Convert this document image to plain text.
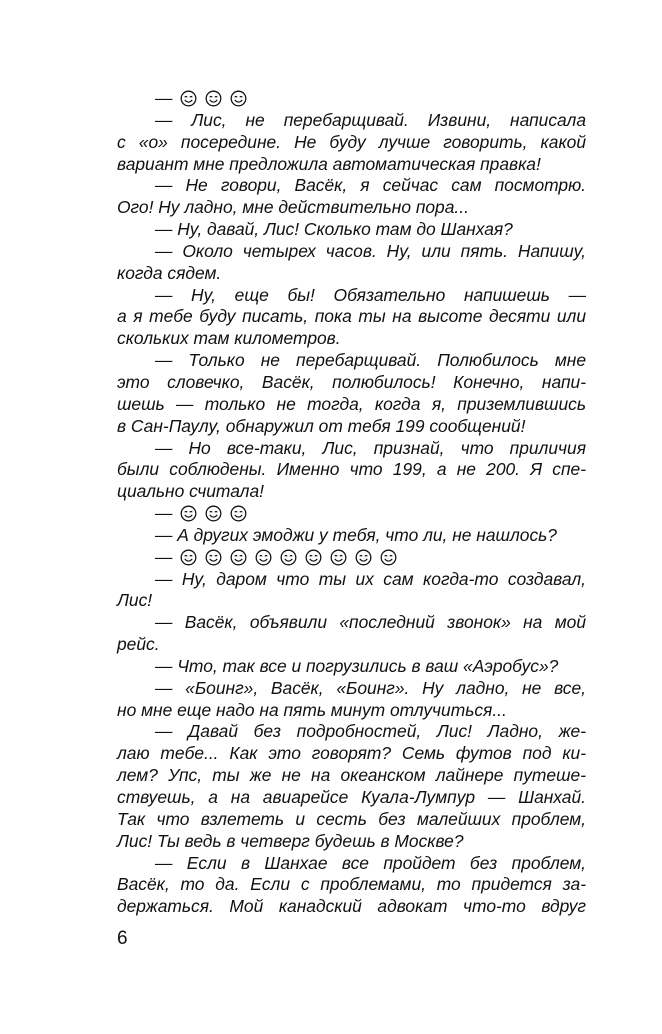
—
— Лис, не перебарщивай. Извини, написала
с «о» посередине. Не буду лучше говорить, какой
вариант мне предложила автоматическая правка!
— Не говори, Васёк, я сейчас сам посмотрю.
Ого! Ну ладно, мне действительно пора...
— Ну, давай, Лис! Сколько там до Шанхая?
— Около четырех часов. Ну, или пять. Напишу,
когда сядем.
— Ну, еще бы! Обязательно напишешь —
а я тебе буду писать, пока ты на высоте десяти или
скольких там километров.
— Только не перебарщивай. Полюбилось мне
это словечко, Васёк, полюбилось! Конечно, напи-
шешь — только не тогда, когда я, приземлившись
в Сан-Паулу, обнаружил от тебя 199 сообщений!
— Но все-таки, Лис, признай, что приличия
были соблюдены. Именно что 199, а не 200. Я спе-
циально считала!
—
— А других эмоджи у тебя, что ли, не нашлось?
—
— Ну, даром что ты их сам когда-то создавал,
Лис!
— Васёк, объявили «последний звонок» на мой
рейс.
— Что, так все и погрузились в ваш «Аэробус»?
— «Боинг», Васёк, «Боинг». Ну ладно, не все,
но мне еще надо на пять минут отлучиться...
— Давай без подробностей, Лис! Ладно, же-
лаю тебе... Как это говорят? Семь футов под ки-
лем? Упс, ты же не на океанском лайнере путеше-
ствуешь, а на авиарейсе Куала-Лумпур — Шанхай.
Так что взлететь и сесть без малейших проблем,
Лис! Ты ведь в четверг будешь в Москве?
— Если в Шанхае все пройдет без проблем,
Васёк, то да. Если с проблемами, то придется за-
держаться. Мой канадский адвокат что-то вдруг
6
